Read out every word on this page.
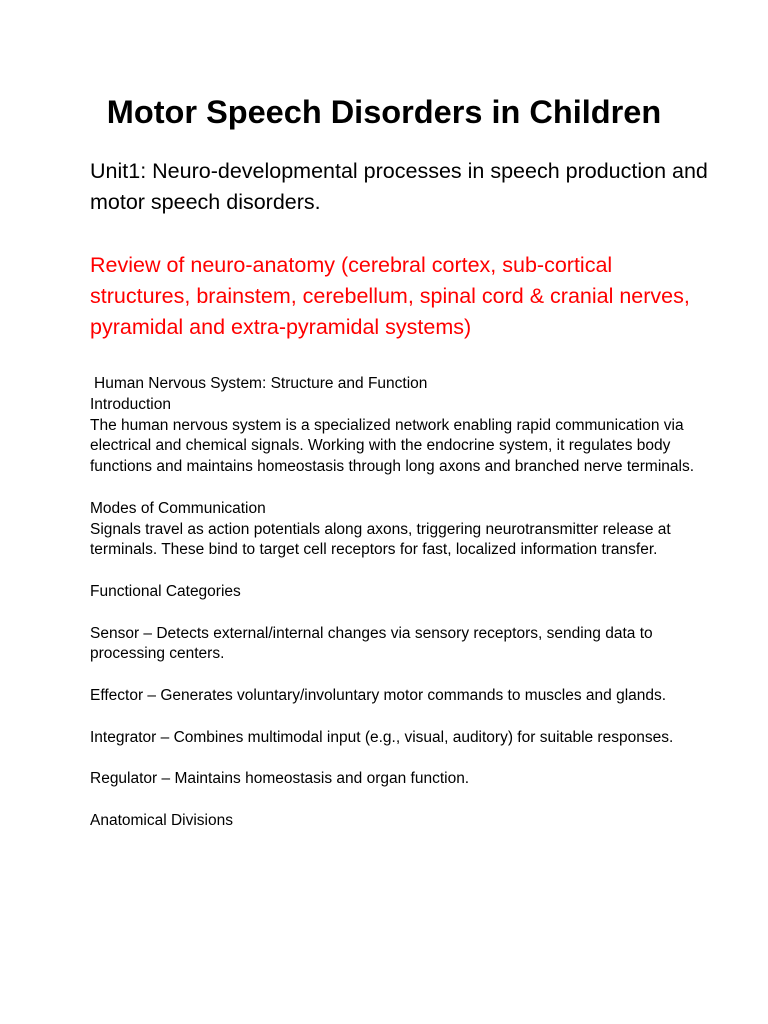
Motor Speech Disorders in Children

Unit1: Neuro-developmental processes in speech production and motor speech disorders.

Review of neuro-anatomy (cerebral cortex, sub-cortical structures, brainstem, cerebellum, spinal cord & cranial nerves, pyramidal and extra-pyramidal systems)

Human Nervous System: Structure and Function

Introduction

The human nervous system is a specialized network enabling rapid communication via electrical and chemical signals. Working with the endocrine system, it regulates body functions and maintains homeostasis through long axons and branched nerve terminals.

Modes of Communication

Signals travel as action potentials along axons, triggering neurotransmitter release at terminals. These bind to target cell receptors for fast, localized information transfer.

Functional Categories

Sensor – Detects external/internal changes via sensory receptors, sending data to processing centers.

Effector – Generates voluntary/involuntary motor commands to muscles and glands.

Integrator – Combines multimodal input (e.g., visual, auditory) for suitable responses.

Regulator – Maintains homeostasis and organ function.

Anatomical Divisions
